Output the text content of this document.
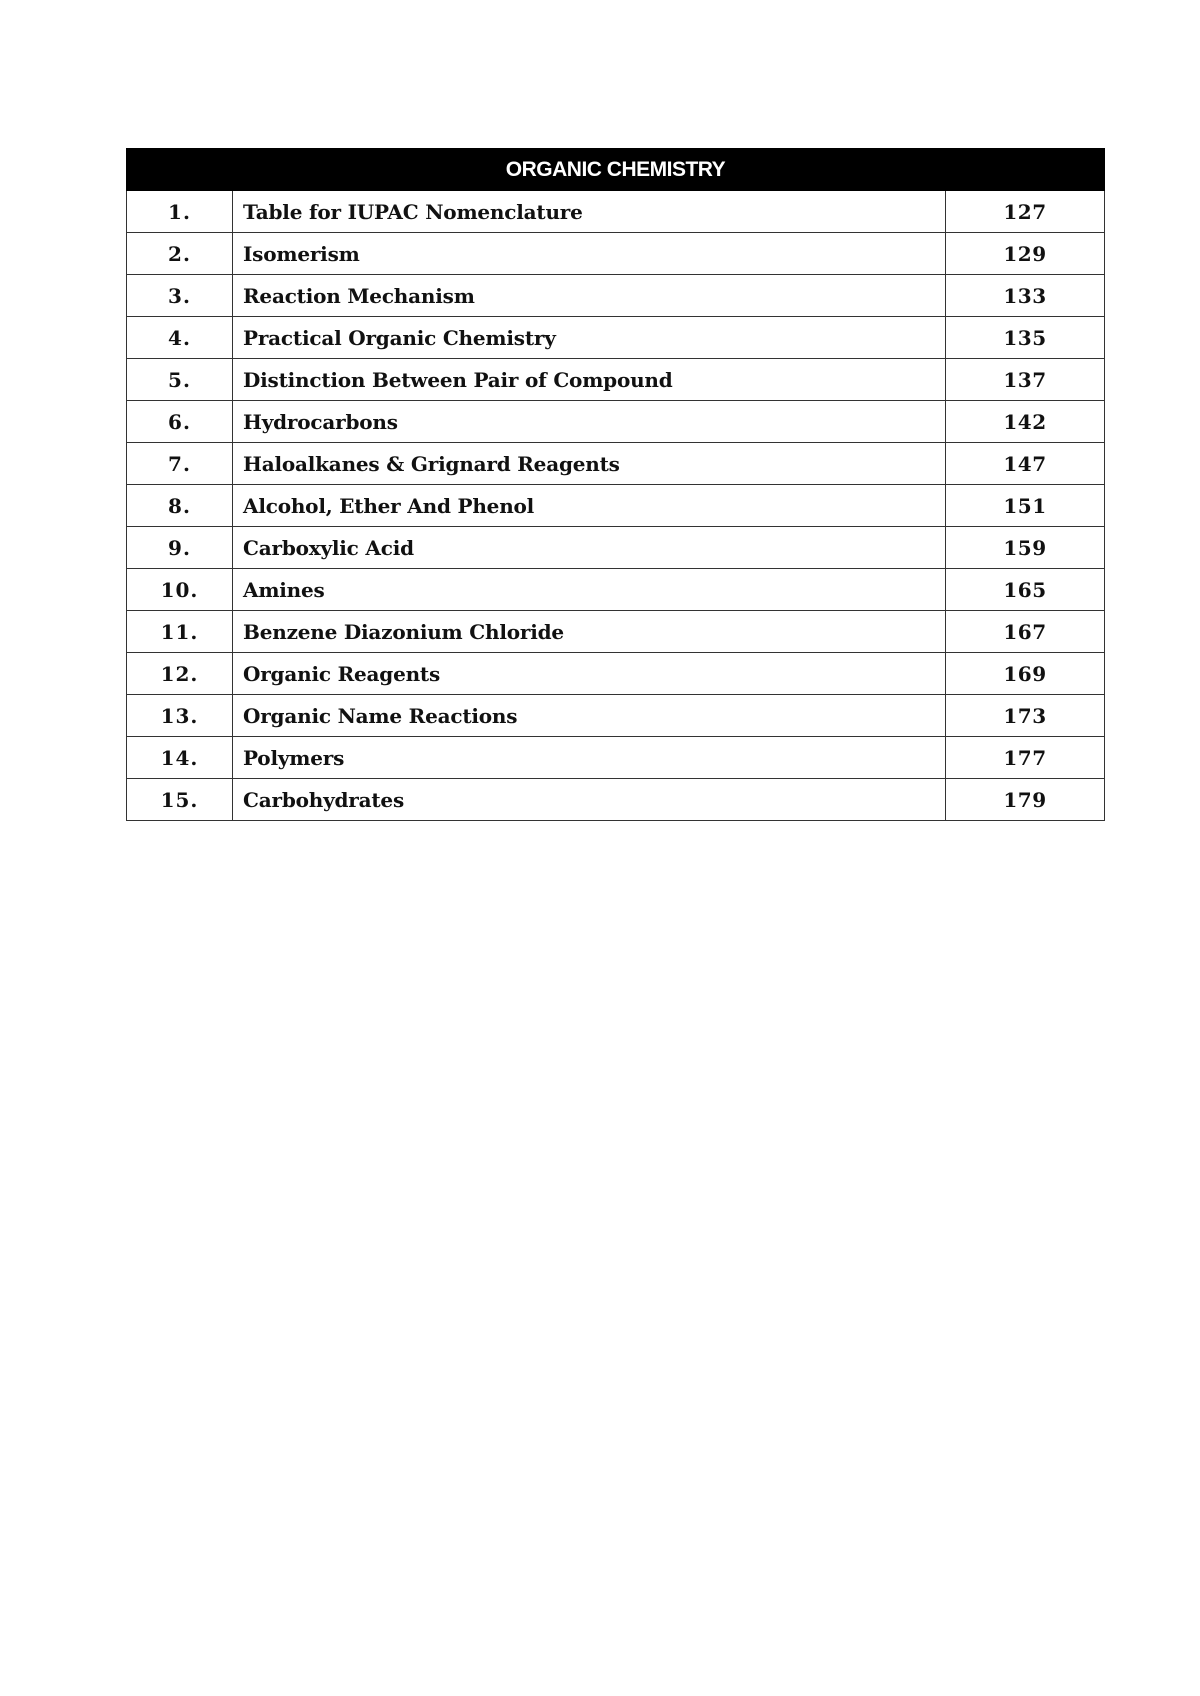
ORGANIC CHEMISTRY		
1.	Table for IUPAC Nomenclature	127
2.	Isomerism	129
3.	Reaction Mechanism	133
4.	Practical Organic Chemistry	135
5.	Distinction Between Pair of Compound	137
6.	Hydrocarbons	142
7.	Haloalkanes & Grignard Reagents	147
8.	Alcohol, Ether And Phenol	151
9.	Carboxylic Acid	159
10.	Amines	165
11.	Benzene Diazonium Chloride	167
12.	Organic Reagents	169
13.	Organic Name Reactions	173
14.	Polymers	177
15.	Carbohydrates	179
